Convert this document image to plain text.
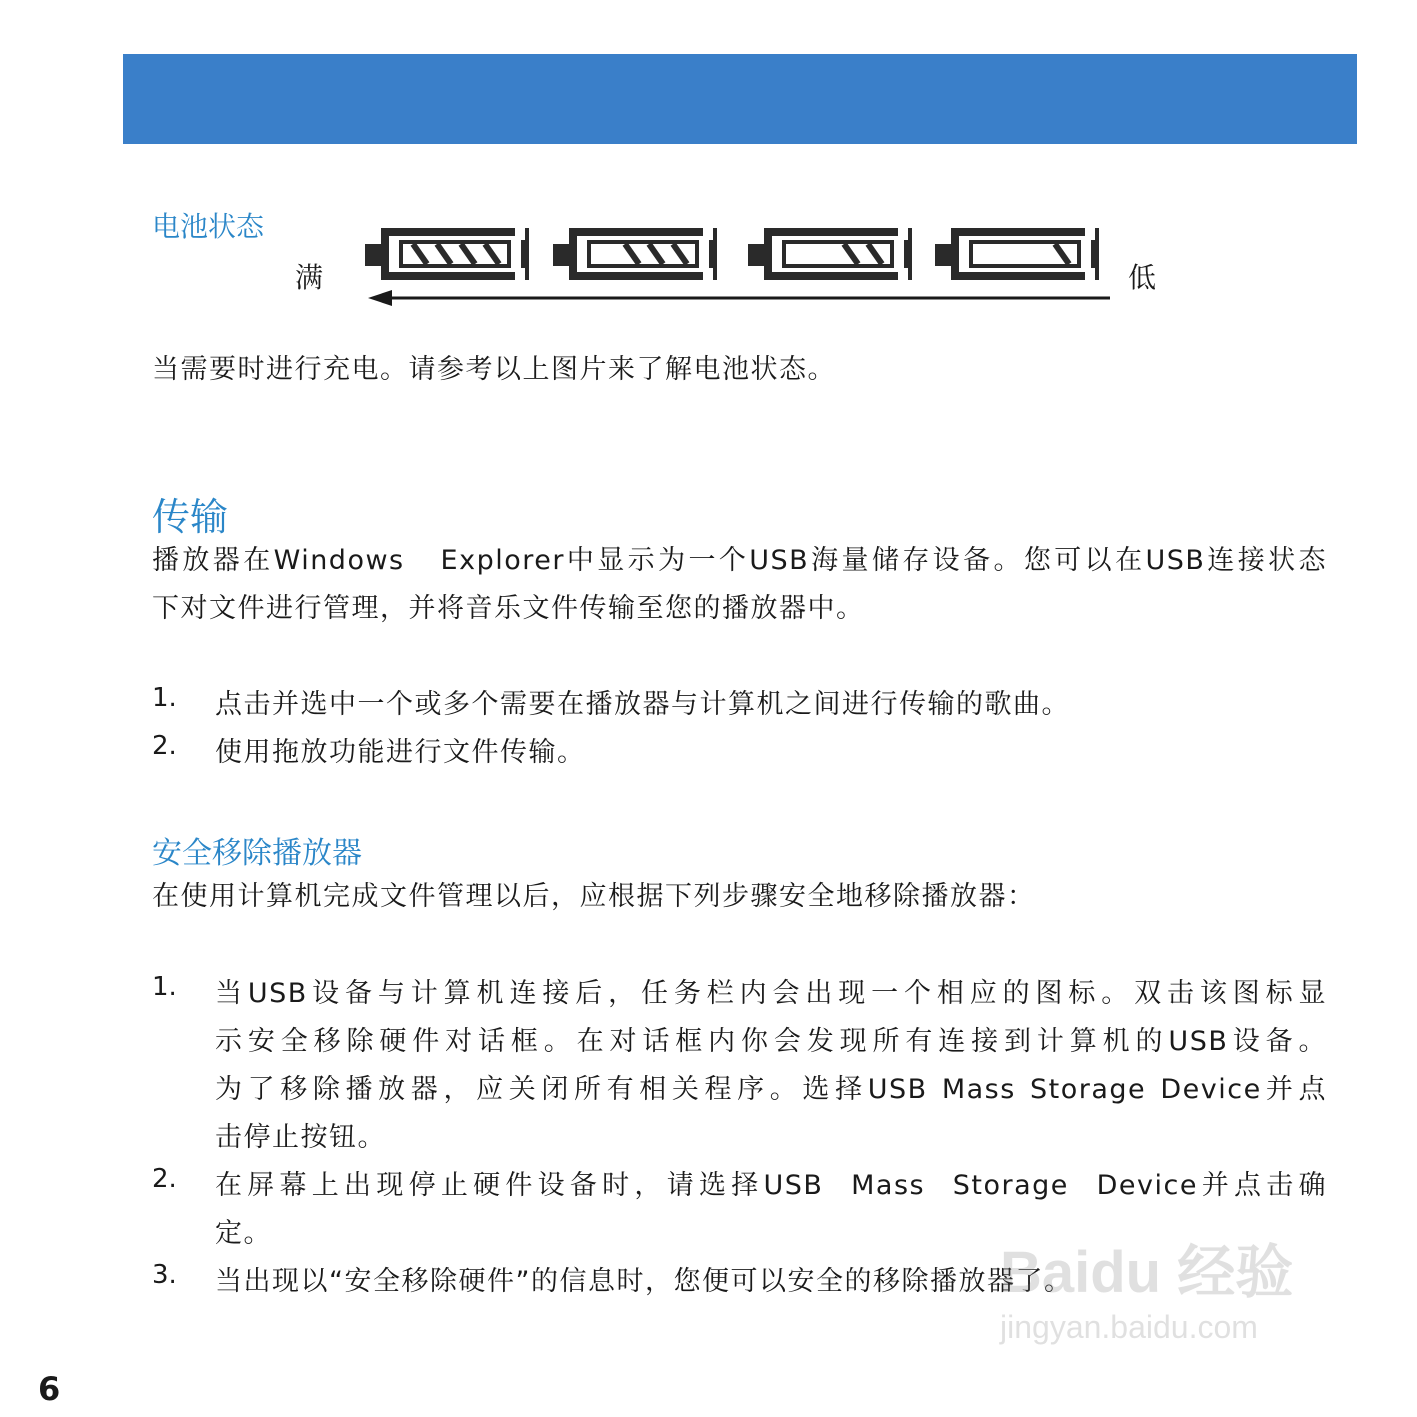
电池状态
满	低
当需要时进行充电。请参考以上图片来了解电池状态。
传输
播放器在Windows   Explorer中显示为一个USB海量储存设备。您可以在USB连接状态
下对文件进行管理，并将音乐文件传输至您的播放器中。
1. 点击并选中一个或多个需要在播放器与计算机之间进行传输的歌曲。
2. 使用拖放功能进行文件传输。
安全移除播放器
在使用计算机完成文件管理以后，应根据下列步骤安全地移除播放器：
1. 当USB设备与计算机连接后，任务栏内会出现一个相应的图标。双击该图标显
示安全移除硬件对话框。在对话框内你会发现所有连接到计算机的USB设备。
为了移除播放器，应关闭所有相关程序。选择USB Mass Storage Device并点
击停止按钮。
2. 在屏幕上出现停止硬件设备时，请选择USB  Mass  Storage  Device并点击确
定。
3. 当出现以“安全移除硬件”的信息时，您便可以安全的移除播放器了。
6
Baidu 经验
jingyan.baidu.com
